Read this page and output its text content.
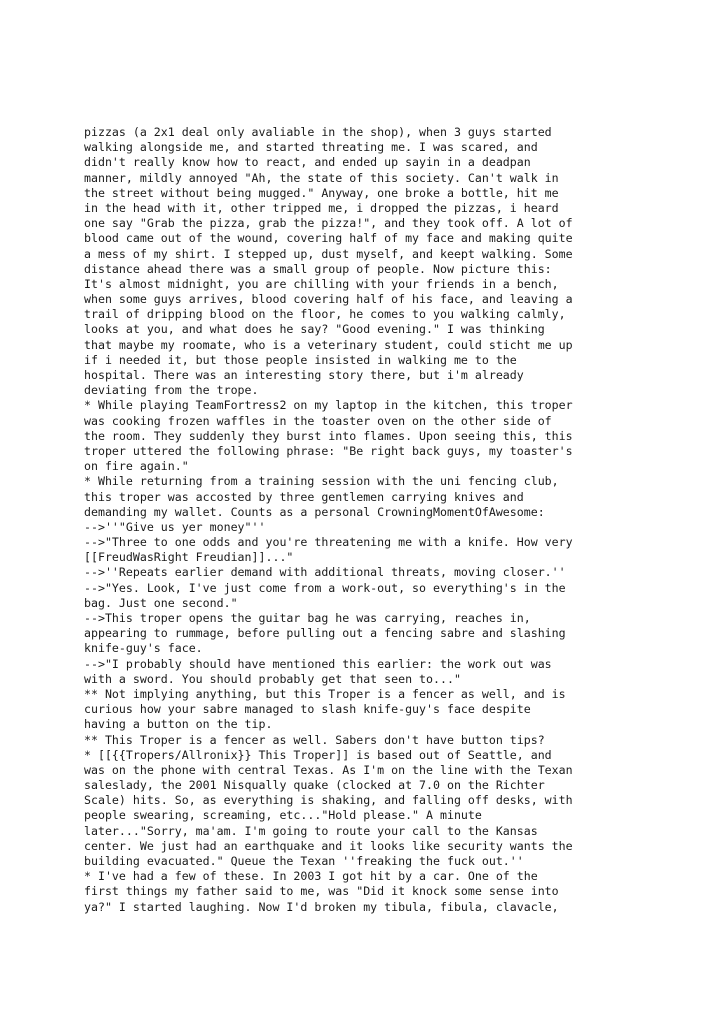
pizzas (a 2x1 deal only avaliable in the shop), when 3 guys started
walking alongside me, and started threating me. I was scared, and
didn't really know how to react, and ended up sayin in a deadpan
manner, mildly annoyed "Ah, the state of this society. Can't walk in
the street without being mugged." Anyway, one broke a bottle, hit me
in the head with it, other tripped me, i dropped the pizzas, i heard
one say "Grab the pizza, grab the pizza!", and they took off. A lot of
blood came out of the wound, covering half of my face and making quite
a mess of my shirt. I stepped up, dust myself, and keept walking. Some
distance ahead there was a small group of people. Now picture this:
It's almost midnight, you are chilling with your friends in a bench,
when some guys arrives, blood covering half of his face, and leaving a
trail of dripping blood on the floor, he comes to you walking calmly,
looks at you, and what does he say? "Good evening." I was thinking
that maybe my roomate, who is a veterinary student, could sticht me up
if i needed it, but those people insisted in walking me to the
hospital. There was an interesting story there, but i'm already
deviating from the trope.
* While playing TeamFortress2 on my laptop in the kitchen, this troper
was cooking frozen waffles in the toaster oven on the other side of
the room. They suddenly they burst into flames. Upon seeing this, this
troper uttered the following phrase: "Be right back guys, my toaster's
on fire again."
* While returning from a training session with the uni fencing club,
this troper was accosted by three gentlemen carrying knives and
demanding my wallet. Counts as a personal CrowningMomentOfAwesome:
-->''"Give us yer money"''
-->"Three to one odds and you're threatening me with a knife. How very
[[FreudWasRight Freudian]]..."
-->''Repeats earlier demand with additional threats, moving closer.''
-->"Yes. Look, I've just come from a work-out, so everything's in the
bag. Just one second."
-->This troper opens the guitar bag he was carrying, reaches in,
appearing to rummage, before pulling out a fencing sabre and slashing
knife-guy's face.
-->"I probably should have mentioned this earlier: the work out was
with a sword. You should probably get that seen to..."
** Not implying anything, but this Troper is a fencer as well, and is
curious how your sabre managed to slash knife-guy's face despite
having a button on the tip.
** This Troper is a fencer as well. Sabers don't have button tips?
* [[{{Tropers/Allronix}} This Troper]] is based out of Seattle, and
was on the phone with central Texas. As I'm on the line with the Texan
saleslady, the 2001 Nisqually quake (clocked at 7.0 on the Richter
Scale) hits. So, as everything is shaking, and falling off desks, with
people swearing, screaming, etc..."Hold please." A minute
later..."Sorry, ma'am. I'm going to route your call to the Kansas
center. We just had an earthquake and it looks like security wants the
building evacuated." Queue the Texan ''freaking the fuck out.''
* I've had a few of these. In 2003 I got hit by a car. One of the
first things my father said to me, was "Did it knock some sense into
ya?" I started laughing. Now I'd broken my tibula, fibula, clavacle,
